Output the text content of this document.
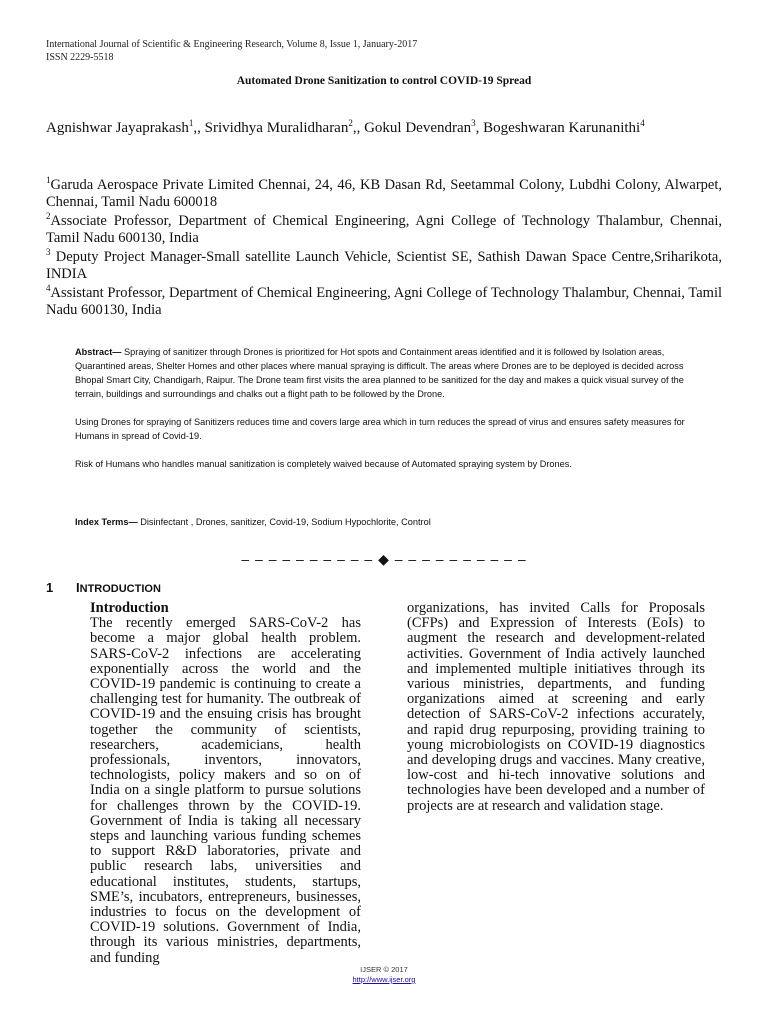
International Journal of Scientific & Engineering Research, Volume 8, Issue 1, January-2017
ISSN 2229-5518
Automated Drone Sanitization to control COVID-19 Spread
Agnishwar Jayaprakash$^1$,, Srividhya Muralidharan$^2$,, Gokul Devendran$^3$, Bogeshwaran Karunanithi$^4$
$^1$Garuda Aerospace Private Limited Chennai, 24, 46, KB Dasan Rd, Seetammal Colony, Lubdhi Colony, Alwarpet, Chennai, Tamil Nadu 600018
$^2$Associate Professor, Department of Chemical Engineering, Agni College of Technology Thalambur, Chennai, Tamil Nadu 600130, India
$^3$ Deputy Project Manager-Small satellite Launch Vehicle, Scientist SE, Sathish Dawan Space Centre,Sriharikota, INDIA
$^4$Assistant Professor, Department of Chemical Engineering, Agni College of Technology Thalambur, Chennai, Tamil Nadu 600130, India
Abstract— Spraying of sanitizer through Drones is prioritized for Hot spots and Containment areas identified and it is followed by Isolation areas, Quarantined areas, Shelter Homes and other places where manual spraying is difficult. The areas where Drones are to be deployed is decided across Bhopal Smart City, Chandigarh, Raipur. The Drone team first visits the area planned to be sanitized for the day and makes a quick visual survey of the terrain, buildings and surroundings and chalks out a flight path to be followed by the Drone.
Using Drones for spraying of Sanitizers reduces time and covers large area which in turn reduces the spread of virus and ensures safety measures for Humans in spread of Covid-19.
Risk of Humans who handles manual sanitization is completely waived because of Automated spraying system by Drones.
Index Terms— Disinfectant , Drones, sanitizer, Covid-19, Sodium Hypochlorite, Control
– – – – – – – – – – ◆ – – – – – – – – – –
1 INTRODUCTION
Introduction
The recently emerged SARS-CoV-2 has become a major global health problem. SARS-CoV-2 infections are accelerating exponentially across the world and the COVID-19 pandemic is continuing to create a challenging test for humanity. The outbreak of COVID-19 and the ensuing crisis has brought together the community of scientists, researchers, academicians, health professionals, inventors, innovators, technologists, policy makers and so on of India on a single platform to pursue solutions for challenges thrown by the COVID-19. Government of India is taking all necessary steps and launching various funding schemes to support R&D laboratories, private and public research labs, universities and educational institutes, students, startups, SME’s, incubators, entrepreneurs, businesses, industries to focus on the development of COVID-19 solutions. Government of India, through its various ministries, departments, and funding
organizations, has invited Calls for Proposals (CFPs) and Expression of Interests (EoIs) to augment the research and development-related activities. Government of India actively launched and implemented multiple initiatives through its various ministries, departments, and funding organizations aimed at screening and early detection of SARS-CoV-2 infections accurately, and rapid drug repurposing, providing training to young microbiologists on COVID-19 diagnostics and developing drugs and vaccines. Many creative, low-cost and hi-tech innovative solutions and technologies have been developed and a number of projects are at research and validation stage.
IJSER © 2017
http://www.ijser.org
